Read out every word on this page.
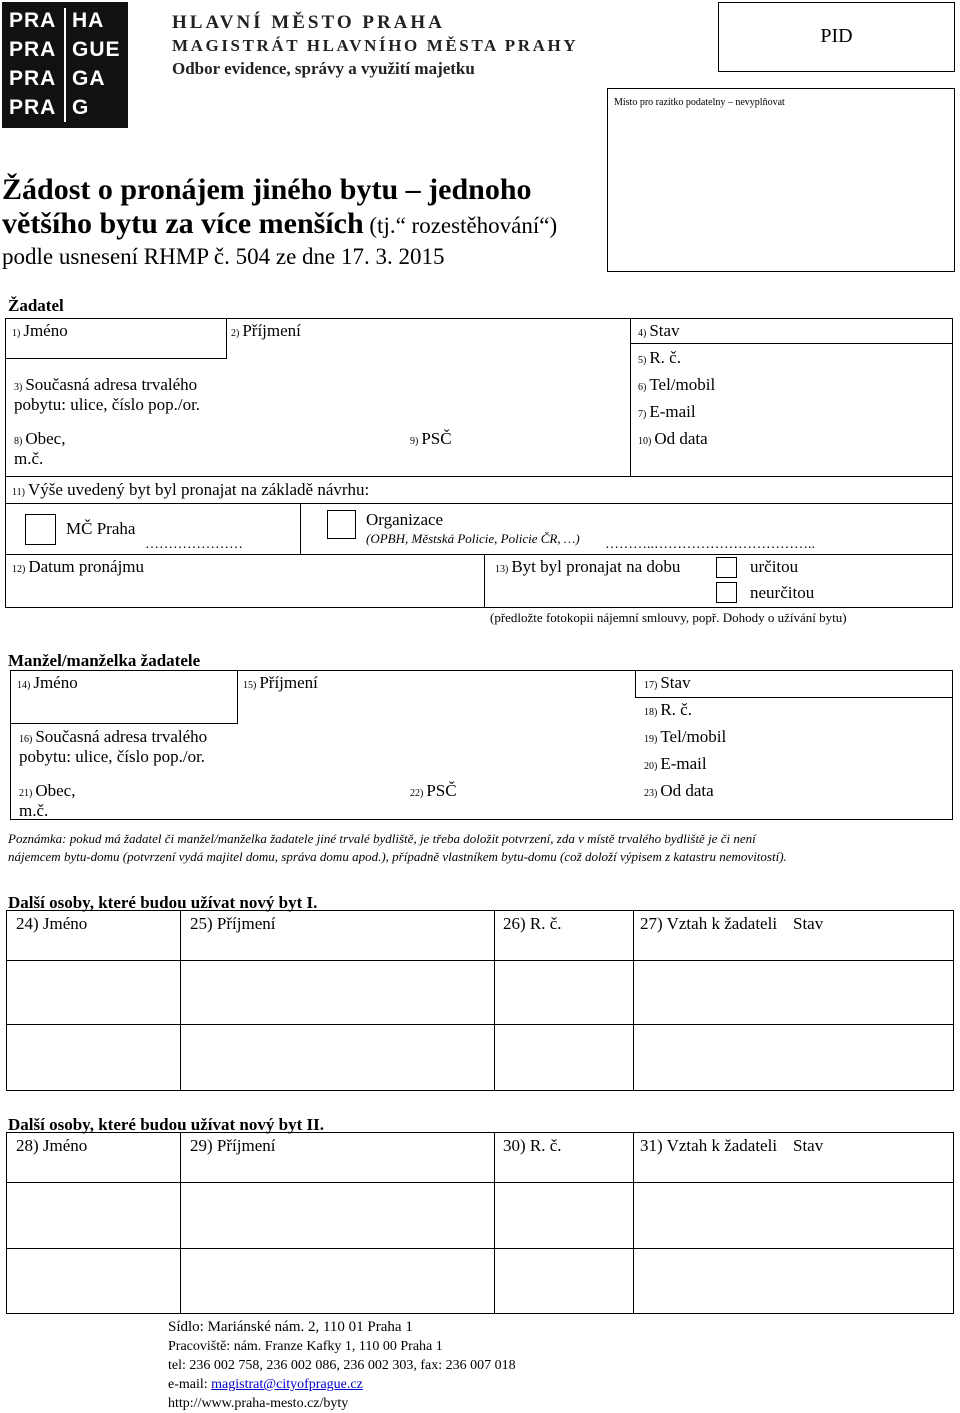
PRA
PRA
PRA
PRA
HA
GUE
GA
G
HLAVNÍ MĚSTO PRAHA
MAGISTRÁT HLAVNÍHO MĚSTA PRAHY
Odbor evidence, správy a využití majetku
PID
Místo pro razítko podatelny – nevyplňovat
Žádost o pronájem jiného bytu – jednoho
většího bytu za více menších (tj.“ rozestěhování“)
podle usnesení RHMP č. 504 ze dne 17. 3. 2015
Žadatel
1) Jméno	2) Příjmení	4) Stav
5) R. č.
3) Současná adresa trvalého
pobytu: ulice, číslo pop./or.
6) Tel/mobil
7) E-mail
8) Obec,
m.č.
9) PSČ	10) Od data
11) Výše uvedený byt byl pronajat na základě návrhu:
MČ Praha
…………………
Organizace
(OPBH, Městská Policie, Policie ČR, …) ………..……………………………..
12) Datum pronájmu	13) Byt byl pronajat na dobu	určitou
neurčitou
(předložte fotokopii nájemní smlouvy, popř. Dohody o užívání bytu)
Manžel/manželka žadatele
14) Jméno	15) Příjmení	17) Stav
18) R. č.
16) Současná adresa trvalého
pobytu: ulice, číslo pop./or.
19) Tel/mobil
20) E-mail
21) Obec,
m.č.
22) PSČ	23) Od data
Poznámka: pokud má žadatel či manžel/manželka žadatele jiné trvalé bydliště, je třeba doložit potvrzení, zda v místě trvalého bydliště je či není
nájemcem bytu-domu (potvrzení vydá majitel domu, správa domu apod.), případně vlastníkem bytu-domu (což doloží výpisem z katastru nemovitostí).
Další osoby, které budou užívat nový byt I.
24) Jméno	25) Příjmení	26) R. č.	27) Vztah k žadateli Stav
Další osoby, které budou užívat nový byt II.
28) Jméno	29) Příjmení	30) R. č.	31) Vztah k žadateli Stav
Sídlo: Mariánské nám. 2, 110 01 Praha 1
Pracoviště: nám. Franze Kafky 1, 110 00 Praha 1
tel: 236 002 758, 236 002 086, 236 002 303, fax: 236 007 018
e-mail: magistrat@cityofprague.cz
http://www.praha-mesto.cz/byty
